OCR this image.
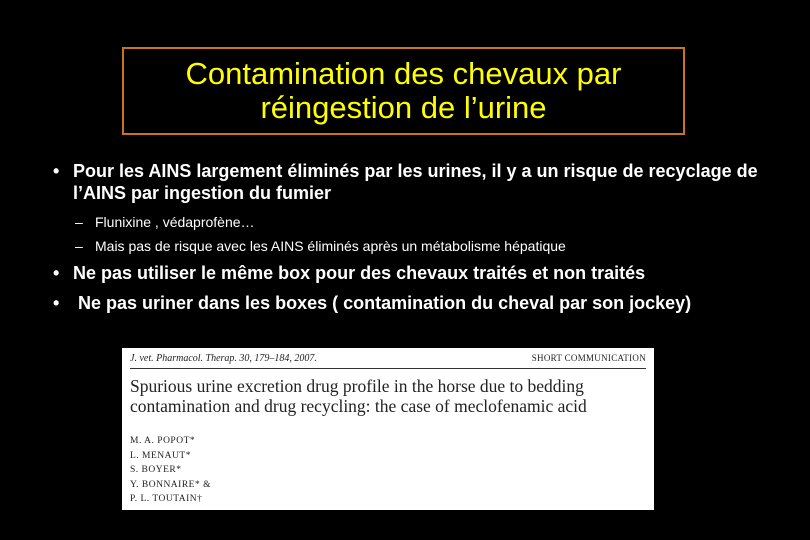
Contamination des chevaux par
réingestion de l’urine
• Pour les AINS largement éliminés par les urines, il y a un risque de recyclage de l’AINS par ingestion du fumier
– Flunixine , védaprofène…
– Mais pas de risque avec les AINS éliminés après un métabolisme hépatique
• Ne pas utiliser le même box pour des chevaux traités et non traités
• Ne pas uriner dans les boxes ( contamination du cheval par son jockey)
J. vet. Pharmacol. Therap. 30, 179–184, 2007.	SHORT COMMUNICATION
Spurious urine excretion drug profile in the horse due to bedding
contamination and drug recycling: the case of meclofenamic acid
M. A. POPOT*
L. MENAUT*
S. BOYER*
Y. BONNAIRE* &
P. L. TOUTAIN†
